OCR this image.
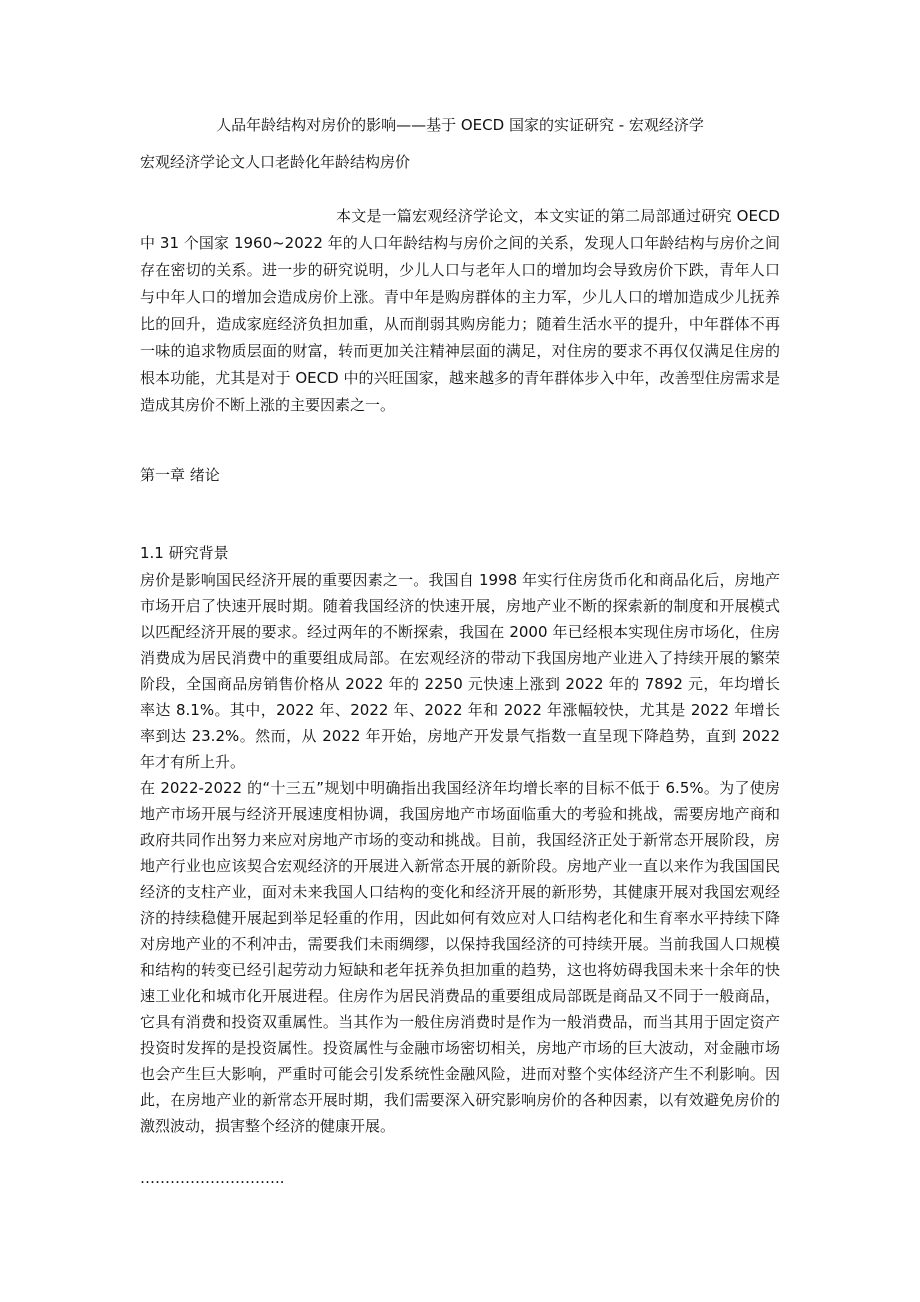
人品年龄结构对房价的影响——基于 OECD 国家的实证研究 - 宏观经济学
宏观经济学论文人口老龄化年龄结构房价
本文是一篇宏观经济学论文，本文实证的第二局部通过研究 OECD 中 31 个国家 1960~2022 年的人口年龄结构与房价之间的关系，发现人口年龄结构与房价之间存在密切的关系。进一步的研究说明，少儿人口与老年人口的增加均会导致房价下跌，青年人口与中年人口的增加会造成房价上涨。青中年是购房群体的主力军，少儿人口的增加造成少儿抚养比的回升，造成家庭经济负担加重，从而削弱其购房能力；随着生活水平的提升，中年群体不再一味的追求物质层面的财富，转而更加关注精神层面的满足，对住房的要求不再仅仅满足住房的根本功能，尤其是对于 OECD 中的兴旺国家，越来越多的青年群体步入中年，改善型住房需求是造成其房价不断上涨的主要因素之一。
第一章 绪论
1.1 研究背景

房价是影响国民经济开展的重要因素之一。我国自 1998 年实行住房货币化和商品化后，房地产市场开启了快速开展时期。随着我国经济的快速开展，房地产业不断的探索新的制度和开展模式以匹配经济开展的要求。经过两年的不断探索，我国在 2000 年已经根本实现住房市场化，住房消费成为居民消费中的重要组成局部。在宏观经济的带动下我国房地产业进入了持续开展的繁荣阶段，全国商品房销售价格从 2022 年的 2250 元快速上涨到 2022 年的 7892 元，年均增长率达 8.1%。其中，2022 年、2022 年、2022 年和 2022 年涨幅较快，尤其是 2022 年增长率到达 23.2%。然而，从 2022 年开始，房地产开发景气指数一直呈现下降趋势，直到 2022 年才有所上升。

在 2022-2022 的“十三五”规划中明确指出我国经济年均增长率的目标不低于 6.5%。为了使房地产市场开展与经济开展速度相协调，我国房地产市场面临重大的考验和挑战，需要房地产商和政府共同作出努力来应对房地产市场的变动和挑战。目前，我国经济正处于新常态开展阶段，房地产行业也应该契合宏观经济的开展进入新常态开展的新阶段。房地产业一直以来作为我国国民经济的支柱产业，面对未来我国人口结构的变化和经济开展的新形势，其健康开展对我国宏观经济的持续稳健开展起到举足轻重的作用，因此如何有效应对人口结构老化和生育率水平持续下降对房地产业的不利冲击，需要我们未雨绸缪，以保持我国经济的可持续开展。当前我国人口规模和结构的转变已经引起劳动力短缺和老年抚养负担加重的趋势，这也将妨碍我国未来十余年的快速工业化和城市化开展进程。住房作为居民消费品的重要组成局部既是商品又不同于一般商品，它具有消费和投资双重属性。当其作为一般住房消费时是作为一般消费品，而当其用于固定资产投资时发挥的是投资属性。投资属性与金融市场密切相关，房地产市场的巨大波动，对金融市场也会产生巨大影响，严重时可能会引发系统性金融风险，进而对整个实体经济产生不利影响。因此，在房地产业的新常态开展时期，我们需要深入研究影响房价的各种因素，以有效避免房价的激烈波动，损害整个经济的健康开展。

………………………..
